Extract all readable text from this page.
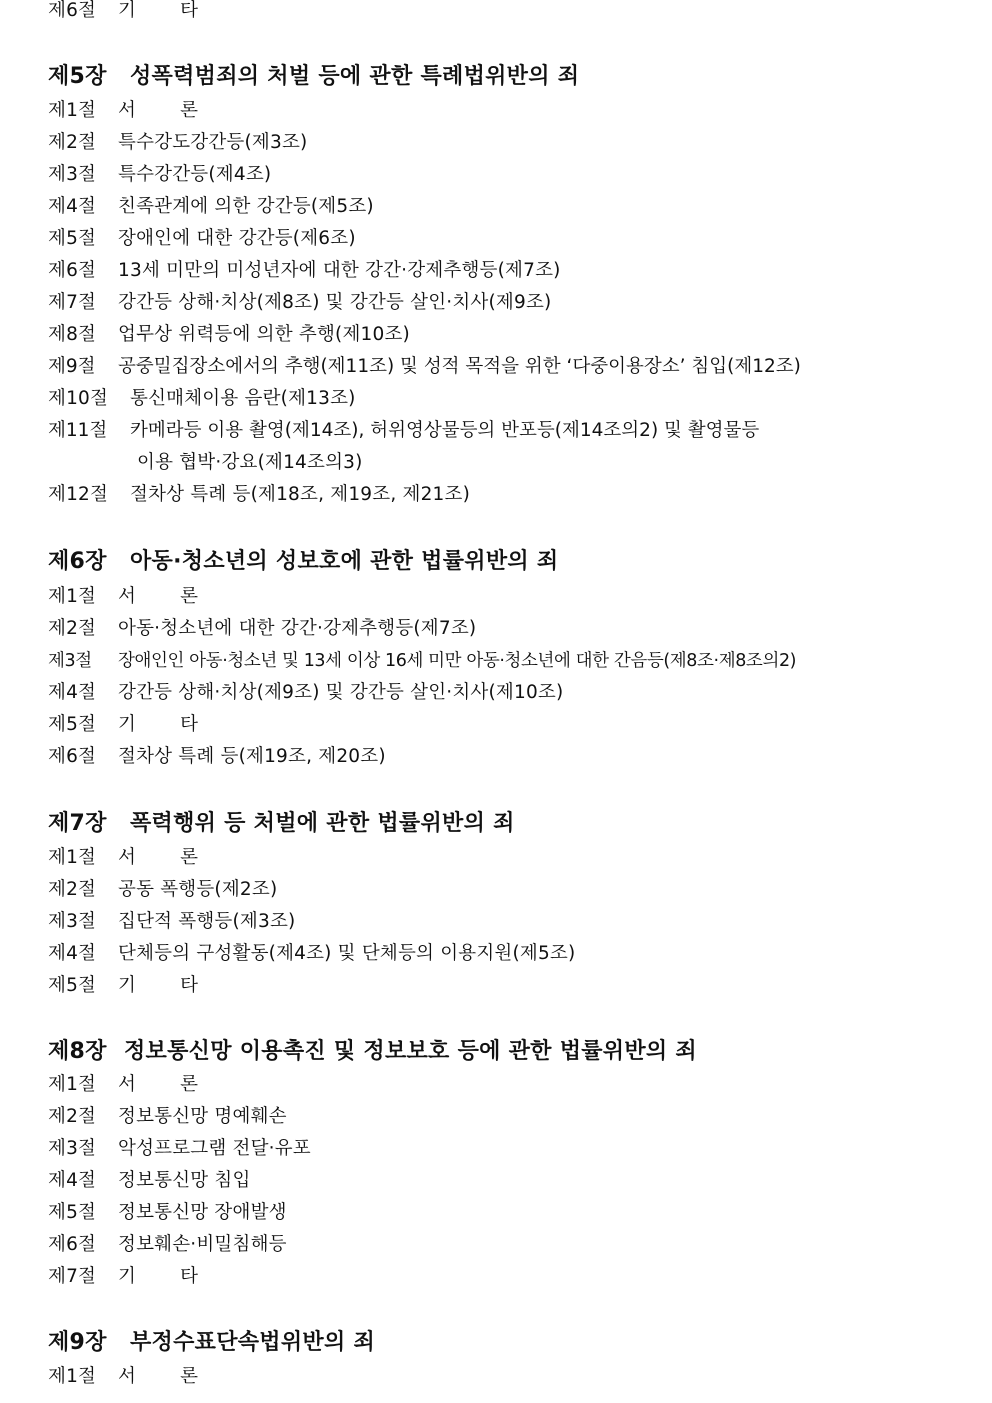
제6절 기 타
제5장 성폭력범죄의 처벌 등에 관한 특례법위반의 죄
제1절 서 론
제2절 특수강도강간등(제3조)
제3절 특수강간등(제4조)
제4절 친족관계에 의한 강간등(제5조)
제5절 장애인에 대한 강간등(제6조)
제6절 13세 미만의 미성년자에 대한 강간·강제추행등(제7조)
제7절 강간등 상해·치상(제8조) 및 강간등 살인·치사(제9조)
제8절 업무상 위력등에 의한 추행(제10조)
제9절 공중밀집장소에서의 추행(제11조) 및 성적 목적을 위한 ‘다중이용장소’ 침입(제12조)
제10절 통신매체이용 음란(제13조)
제11절 카메라등 이용 촬영(제14조), 허위영상물등의 반포등(제14조의2) 및 촬영물등
이용 협박·강요(제14조의3)
제12절 절차상 특례 등(제18조, 제19조, 제21조)
제6장 아동·청소년의 성보호에 관한 법률위반의 죄
제1절 서 론
제2절 아동·청소년에 대한 강간·강제추행등(제7조)
제3절 장애인인 아동·청소년 및 13세 이상 16세 미만 아동·청소년에 대한 간음등(제8조·제8조의2)
제4절 강간등 상해·치상(제9조) 및 강간등 살인·치사(제10조)
제5절 기 타
제6절 절차상 특례 등(제19조, 제20조)
제7장 폭력행위 등 처벌에 관한 법률위반의 죄
제1절 서 론
제2절 공동 폭행등(제2조)
제3절 집단적 폭행등(제3조)
제4절 단체등의 구성활동(제4조) 및 단체등의 이용지원(제5조)
제5절 기 타
제8장 정보통신망 이용촉진 및 정보보호 등에 관한 법률위반의 죄
제1절 서 론
제2절 정보통신망 명예훼손
제3절 악성프로그램 전달·유포
제4절 정보통신망 침입
제5절 정보통신망 장애발생
제6절 정보훼손·비밀침해등
제7절 기 타
제9장 부정수표단속법위반의 죄
제1절 서 론
